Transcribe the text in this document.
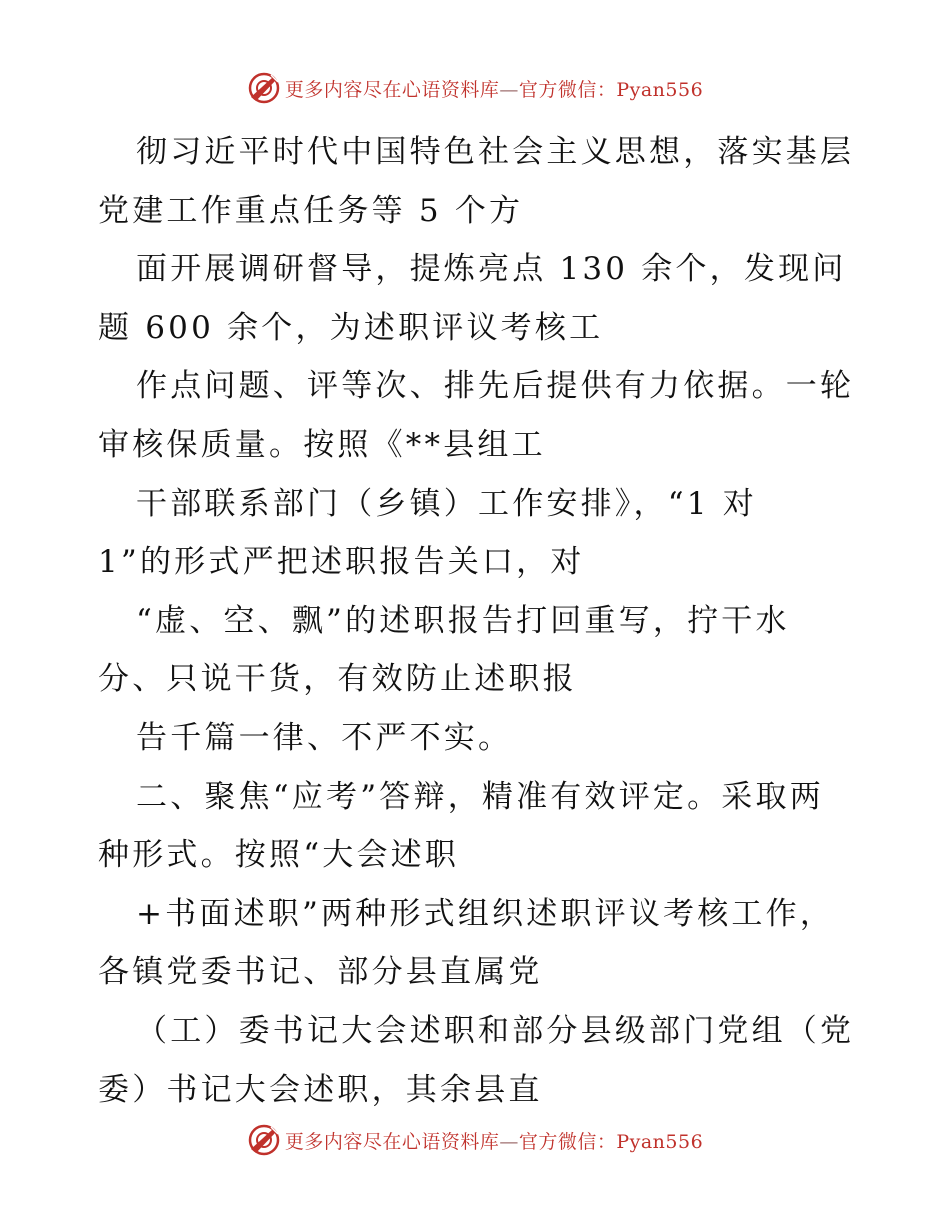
更多内容尽在心语资料库—官方微信：Pyan556
彻习近平时代中国特色社会主义思想，落实基层
党建工作重点任务等 5 个方
面开展调研督导，提炼亮点 130 余个，发现问
题 600 余个，为述职评议考核工
作点问题、评等次、排先后提供有力依据。一轮
审核保质量。按照《**县组工
干部联系部门（乡镇）工作安排》，“1 对
1”的形式严把述职报告关口，对
“虚、空、飘”的述职报告打回重写，拧干水
分、只说干货，有效防止述职报
告千篇一律、不严不实。
二、聚焦“应考”答辩，精准有效评定。采取两
种形式。按照“大会述职
+书面述职”两种形式组织述职评议考核工作，
各镇党委书记、部分县直属党
（工）委书记大会述职和部分县级部门党组（党
委）书记大会述职，其余县直
更多内容尽在心语资料库—官方微信：Pyan556
